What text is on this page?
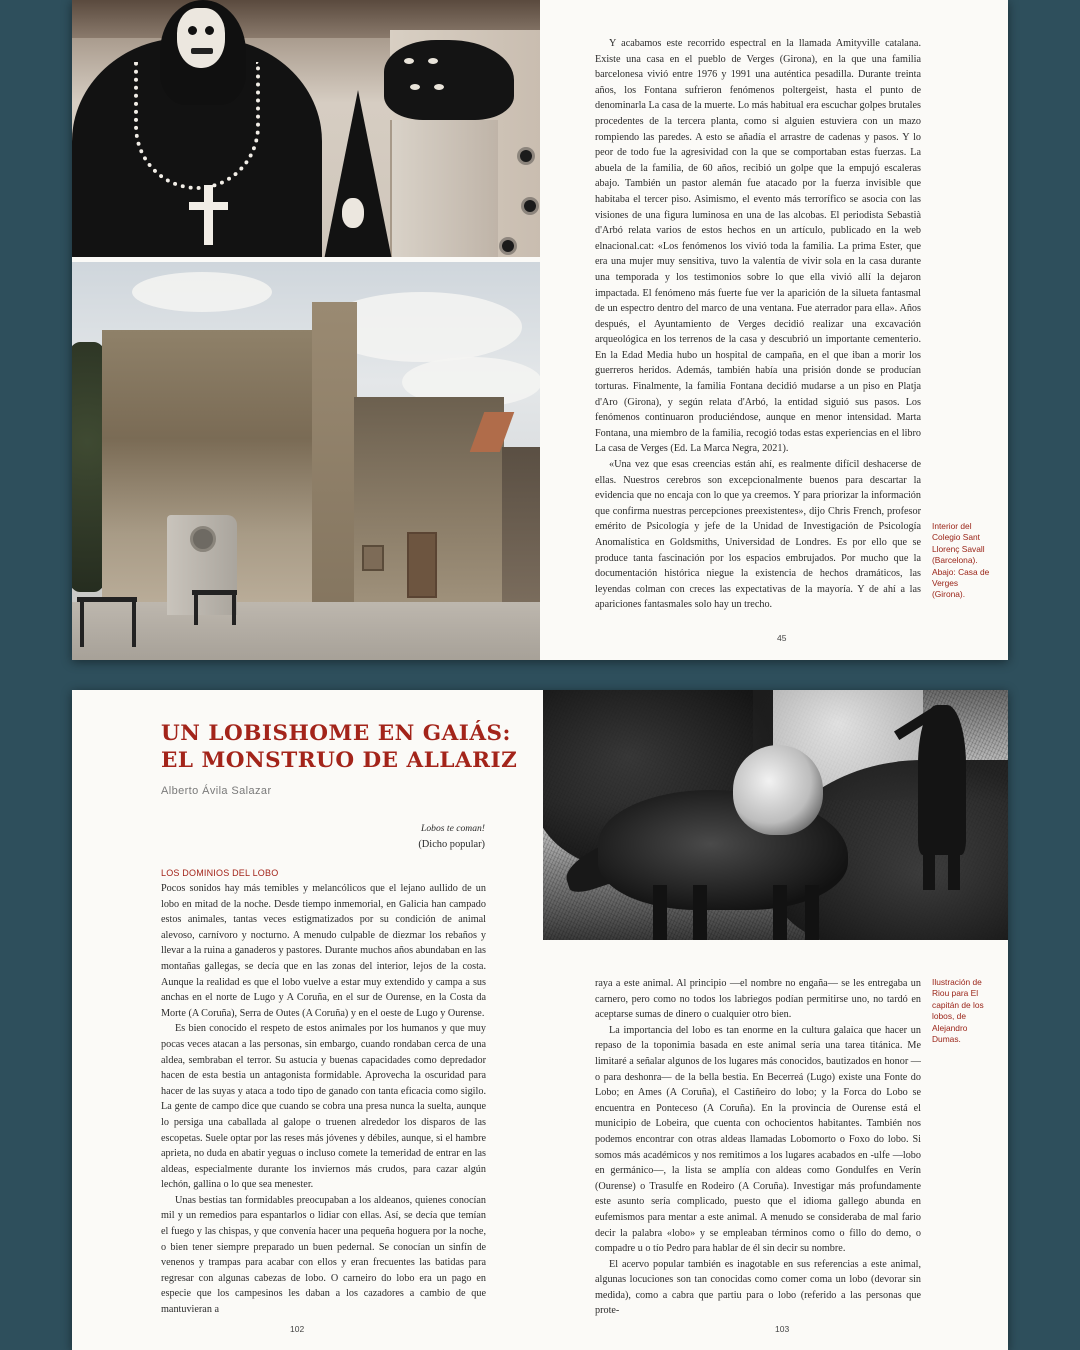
Y acabamos este recorrido espectral en la llamada Amityville catalana. Existe una casa en el pueblo de Verges (Girona), en la que una familia barcelonesa vivió entre 1976 y 1991 una auténtica pesadilla. Durante treinta años, los Fontana sufrieron fenómenos poltergeist, hasta el punto de denominarla La casa de la muerte. Lo más habitual era escuchar golpes brutales procedentes de la tercera planta, como si alguien estuviera con un mazo rompiendo las paredes. A esto se añadía el arrastre de cadenas y pasos. Y lo peor de todo fue la agresividad con la que se comportaban estas fuerzas. La abuela de la familia, de 60 años, recibió un golpe que la empujó escaleras abajo. También un pastor alemán fue atacado por la fuerza invisible que habitaba el tercer piso. Asimismo, el evento más terrorífico se asocia con las visiones de una figura luminosa en una de las alcobas. El periodista Sebastià d'Arbó relata varios de estos hechos en un artículo, publicado en la web elnacional.cat: «Los fenómenos los vivió toda la familia. La prima Ester, que era una mujer muy sensitiva, tuvo la valentía de vivir sola en la casa durante una temporada y los testimonios sobre lo que ella vivió allí la dejaron impactada. El fenómeno más fuerte fue ver la aparición de la silueta fantasmal de un espectro dentro del marco de una ventana. Fue aterrador para ella». Años después, el Ayuntamiento de Verges decidió realizar una excavación arqueológica en los terrenos de la casa y descubrió un importante cementerio. En la Edad Media hubo un hospital de campaña, en el que iban a morir los guerreros heridos. Además, también había una prisión donde se producían torturas. Finalmente, la familia Fontana decidió mudarse a un piso en Platja d'Aro (Girona), y según relata d'Arbó, la entidad siguió sus pasos. Los fenómenos continuaron produciéndose, aunque en menor intensidad. Marta Fontana, una miembro de la familia, recogió todas estas experiencias en el libro La casa de Verges (Ed. La Marca Negra, 2021).

«Una vez que esas creencias están ahí, es realmente difícil deshacerse de ellas. Nuestros cerebros son excepcionalmente buenos para descartar la evidencia que no encaja con lo que ya creemos. Y para priorizar la información que confirma nuestras percepciones preexistentes», dijo Chris French, profesor emérito de Psicología y jefe de la Unidad de Investigación de Psicología Anomalística en Goldsmiths, Universidad de Londres. Es por ello que se produce tanta fascinación por los espacios embrujados. Por mucho que la documentación histórica niegue la existencia de hechos dramáticos, las leyendas colman con creces las expectativas de la mayoría. Y de ahí a las apariciones fantasmales solo hay un trecho.

Interior del Colegio Sant Llorenç Savall (Barcelona). Abajo: Casa de Verges (Girona).
45
UN LOBISHOME EN GAIÁS: EL MONSTRUO DE ALLARIZ
Alberto Ávila Salazar
Lobos te coman!
(Dicho popular)
LOS DOMINIOS DEL LOBO

Pocos sonidos hay más temibles y melancólicos que el lejano aullido de un lobo en mitad de la noche. Desde tiempo inmemorial, en Galicia han campado estos animales, tantas veces estigmatizados por su condición de animal alevoso, carnívoro y nocturno. A menudo culpable de diezmar los rebaños y llevar a la ruina a ganaderos y pastores. Durante muchos años abundaban en las montañas gallegas, se decía que en las zonas del interior, lejos de la costa. Aunque la realidad es que el lobo vuelve a estar muy extendido y campa a sus anchas en el norte de Lugo y A Coruña, en el sur de Ourense, en la Costa da Morte (A Coruña), Serra de Outes (A Coruña) y en el oeste de Lugo y Ourense.

Es bien conocido el respeto de estos animales por los humanos y que muy pocas veces atacan a las personas, sin embargo, cuando rondaban cerca de una aldea, sembraban el terror. Su astucia y buenas capacidades como depredador hacen de esta bestia un antagonista formidable. Aprovecha la oscuridad para hacer de las suyas y ataca a todo tipo de ganado con tanta eficacia como sigilo. La gente de campo dice que cuando se cobra una presa nunca la suelta, aunque lo persiga una caballada al galope o truenen alrededor los disparos de las escopetas. Suele optar por las reses más jóvenes y débiles, aunque, si el hambre aprieta, no duda en abatir yeguas o incluso comete la temeridad de entrar en las aldeas, especialmente durante los inviernos más crudos, para cazar algún lechón, gallina o lo que sea menester.

Unas bestias tan formidables preocupaban a los aldeanos, quienes conocían mil y un remedios para espantarlos o lidiar con ellas. Así, se decía que temían el fuego y las chispas, y que convenía hacer una pequeña hoguera por la noche, o bien tener siempre preparado un buen pedernal. Se conocían un sinfín de venenos y trampas para acabar con ellos y eran frecuentes las batidas para regresar con algunas cabezas de lobo. O carneiro do lobo era un pago en especie que los campesinos les daban a los cazadores a cambio de que mantuvieran a

raya a este animal. Al principio —el nombre no engaña— se les entregaba un carnero, pero como no todos los labriegos podían permitirse uno, no tardó en aceptarse sumas de dinero o cualquier otro bien.

La importancia del lobo es tan enorme en la cultura galaica que hacer un repaso de la toponimia basada en este animal sería una tarea titánica. Me limitaré a señalar algunos de los lugares más conocidos, bautizados en honor —o para deshonra— de la bella bestia. En Becerreá (Lugo) existe una Fonte do Lobo; en Ames (A Coruña), el Castiñeiro do lobo; y la Forca do Lobo se encuentra en Ponteceso (A Coruña). En la provincia de Ourense está el municipio de Lobeira, que cuenta con ochocientos habitantes. También nos podemos encontrar con otras aldeas llamadas Lobomorto o Foxo do lobo. Si somos más académicos y nos remitimos a los lugares acabados en -ulfe —lobo en germánico—, la lista se amplía con aldeas como Gondulfes en Verín (Ourense) o Trasulfe en Rodeiro (A Coruña). Investigar más profundamente este asunto sería complicado, puesto que el idioma gallego abunda en eufemismos para mentar a este animal. A menudo se consideraba de mal fario decir la palabra «lobo» y se empleaban términos como o fillo do demo, o compadre u o tío Pedro para hablar de él sin decir su nombre.

El acervo popular también es inagotable en sus referencias a este animal, algunas locuciones son tan conocidas como comer coma un lobo (devorar sin medida), como a cabra que partiu para o lobo (referido a las personas que prote-

Ilustración de Riou para El capitán de los lobos, de Alejandro Dumas.
102	103
